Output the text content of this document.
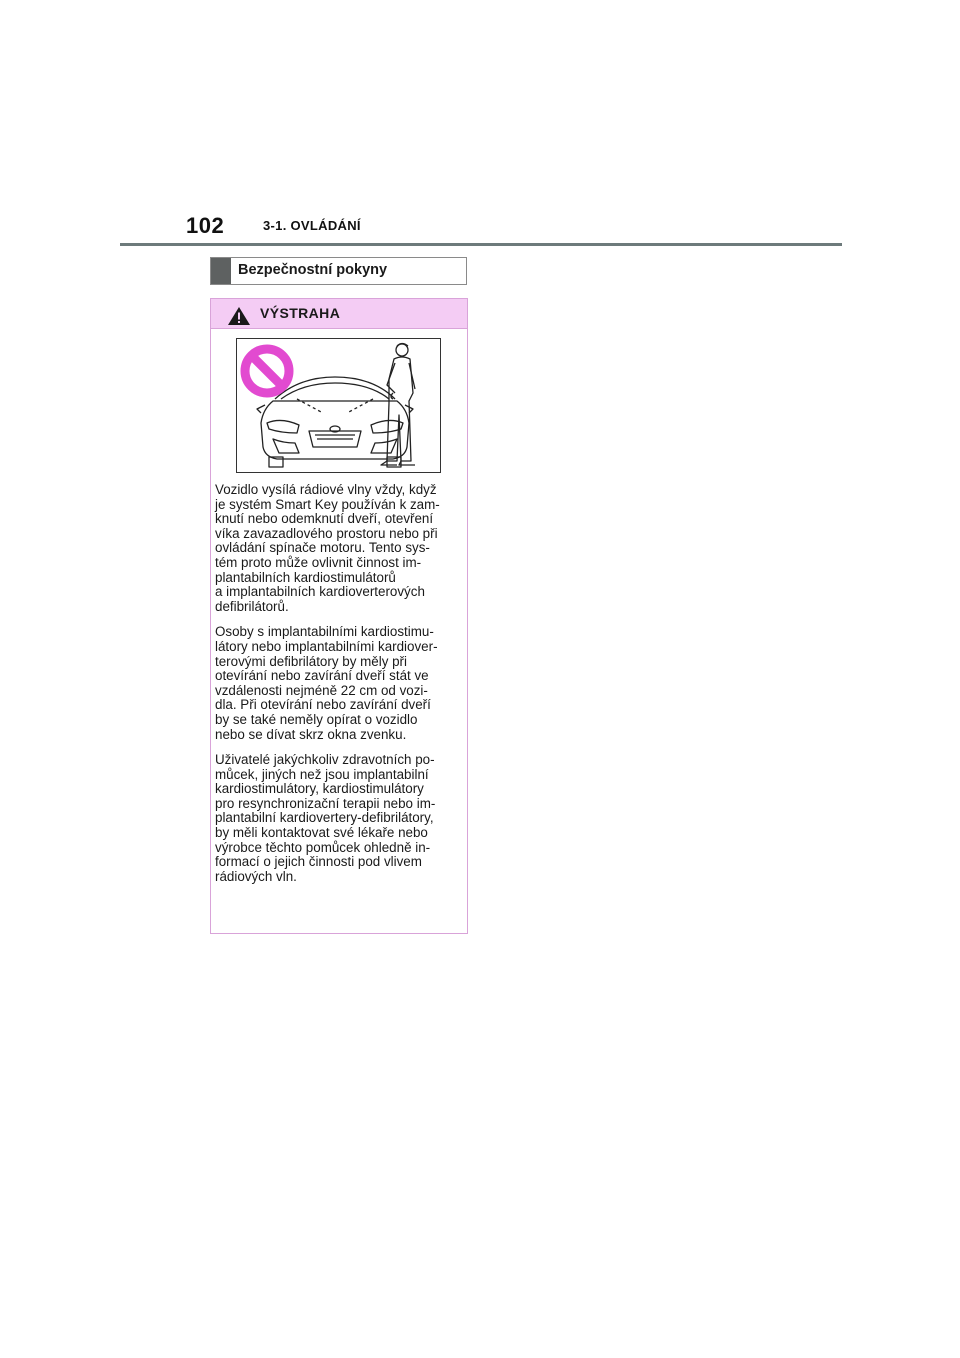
102	3-1. OVLÁDÁNÍ
Bezpečnostní pokyny
VÝSTRAHA

Vozidlo vysílá rádiové vlny vždy, když
je systém Smart Key používán k zam-
knutí nebo odemknutí dveří, otevření
víka zavazadlového prostoru nebo při
ovládání spínače motoru. Tento sys-
tém proto může ovlivnit činnost im-
plantabilních kardiostimulátorů
a implantabilních kardioverterových
defibrilátorů.

Osoby s implantabilními kardiostimu-
látory nebo implantabilními kardiover-
terovými defibrilátory by měly při
otevírání nebo zavírání dveří stát ve
vzdálenosti nejméně 22 cm od vozi-
dla. Při otevírání nebo zavírání dveří
by se také neměly opírat o vozidlo
nebo se dívat skrz okna zvenku.

Uživatelé jakýchkoliv zdravotních po-
můcek, jiných než jsou implantabilní
kardiostimulátory, kardiostimulátory
pro resynchronizační terapii nebo im-
plantabilní kardiovertery-defibrilátory,
by měli kontaktovat své lékaře nebo
výrobce těchto pomůcek ohledně in-
formací o jejich činnosti pod vlivem
rádiových vln.
